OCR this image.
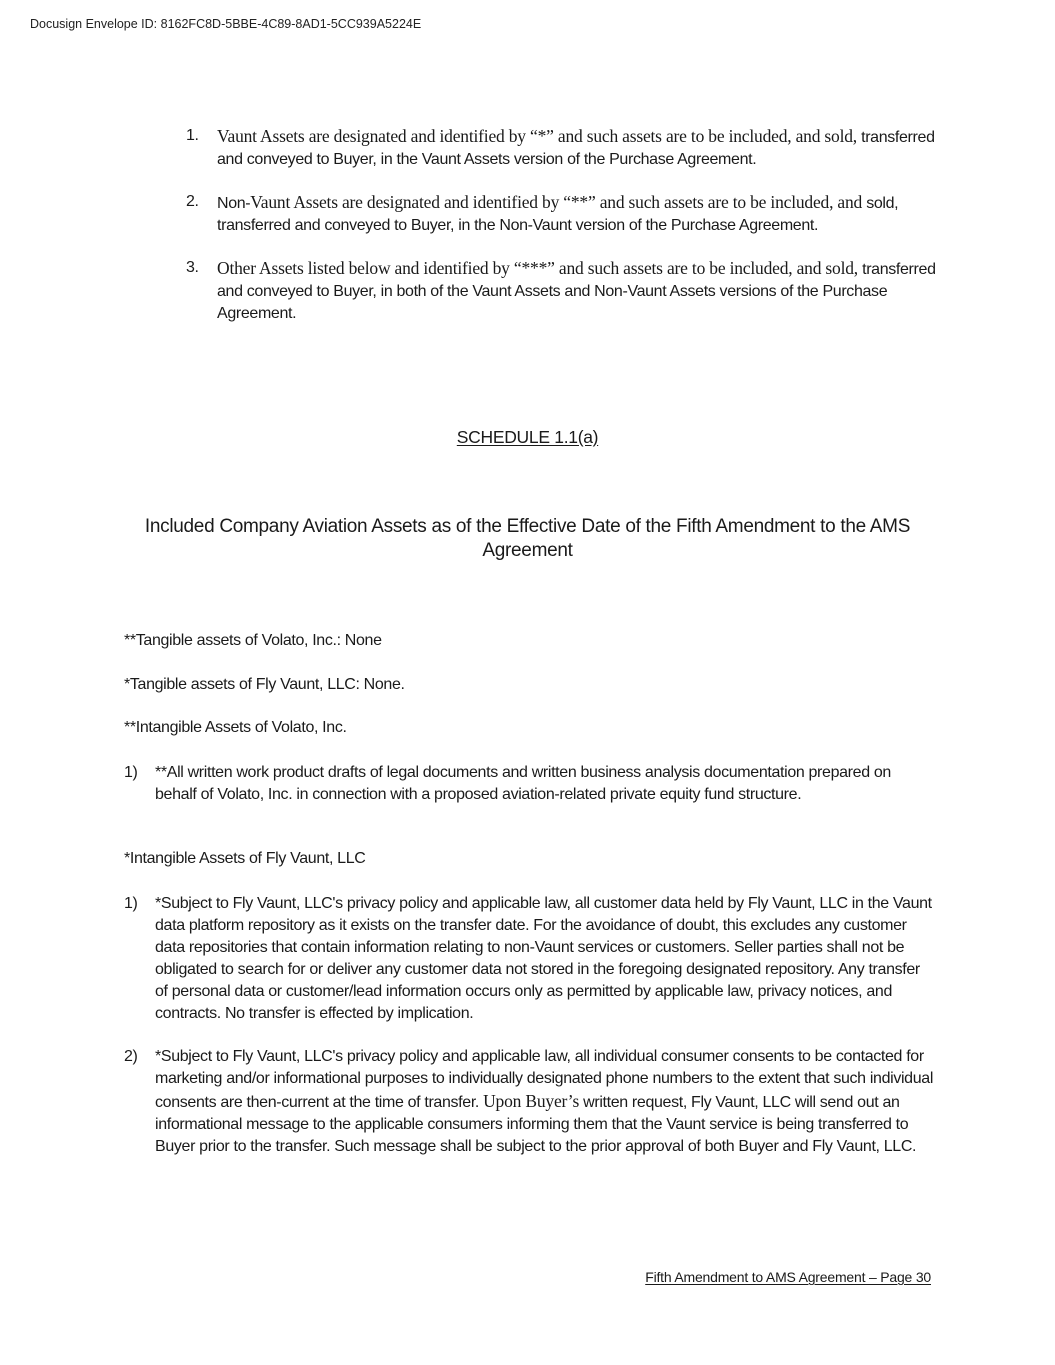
Docusign Envelope ID: 8162FC8D-5BBE-4C89-8AD1-5CC939A5224E
1. Vaunt Assets are designated and identified by “*” and such assets are to be included, and sold, transferred and conveyed to Buyer, in the Vaunt Assets version of the Purchase Agreement.
2. Non-Vaunt Assets are designated and identified by “**” and such assets are to be included, and sold, transferred and conveyed to Buyer, in the Non-Vaunt version of the Purchase Agreement.
3. Other Assets listed below and identified by “***” and such assets are to be included, and sold, transferred and conveyed to Buyer, in both of the Vaunt Assets and Non-Vaunt Assets versions of the Purchase Agreement.
SCHEDULE 1.1(a)
Included Company Aviation Assets as of the Effective Date of the Fifth Amendment to the AMS Agreement
**Tangible assets of Volato, Inc.: None
*Tangible assets of Fly Vaunt, LLC: None.
**Intangible Assets of Volato, Inc.
1) **All written work product drafts of legal documents and written business analysis documentation prepared on behalf of Volato, Inc. in connection with a proposed aviation-related private equity fund structure.
*Intangible Assets of Fly Vaunt, LLC
1) *Subject to Fly Vaunt, LLC's privacy policy and applicable law, all customer data held by Fly Vaunt, LLC in the Vaunt data platform repository as it exists on the transfer date. For the avoidance of doubt, this excludes any customer data repositories that contain information relating to non-Vaunt services or customers. Seller parties shall not be obligated to search for or deliver any customer data not stored in the foregoing designated repository. Any transfer of personal data or customer/lead information occurs only as permitted by applicable law, privacy notices, and contracts. No transfer is effected by implication.
2) *Subject to Fly Vaunt, LLC's privacy policy and applicable law, all individual consumer consents to be contacted for marketing and/or informational purposes to individually designated phone numbers to the extent that such individual consents are then-current at the time of transfer. Upon Buyer’s written request, Fly Vaunt, LLC will send out an informational message to the applicable consumers informing them that the Vaunt service is being transferred to Buyer prior to the transfer. Such message shall be subject to the prior approval of both Buyer and Fly Vaunt, LLC.
Fifth Amendment to AMS Agreement – Page 30
